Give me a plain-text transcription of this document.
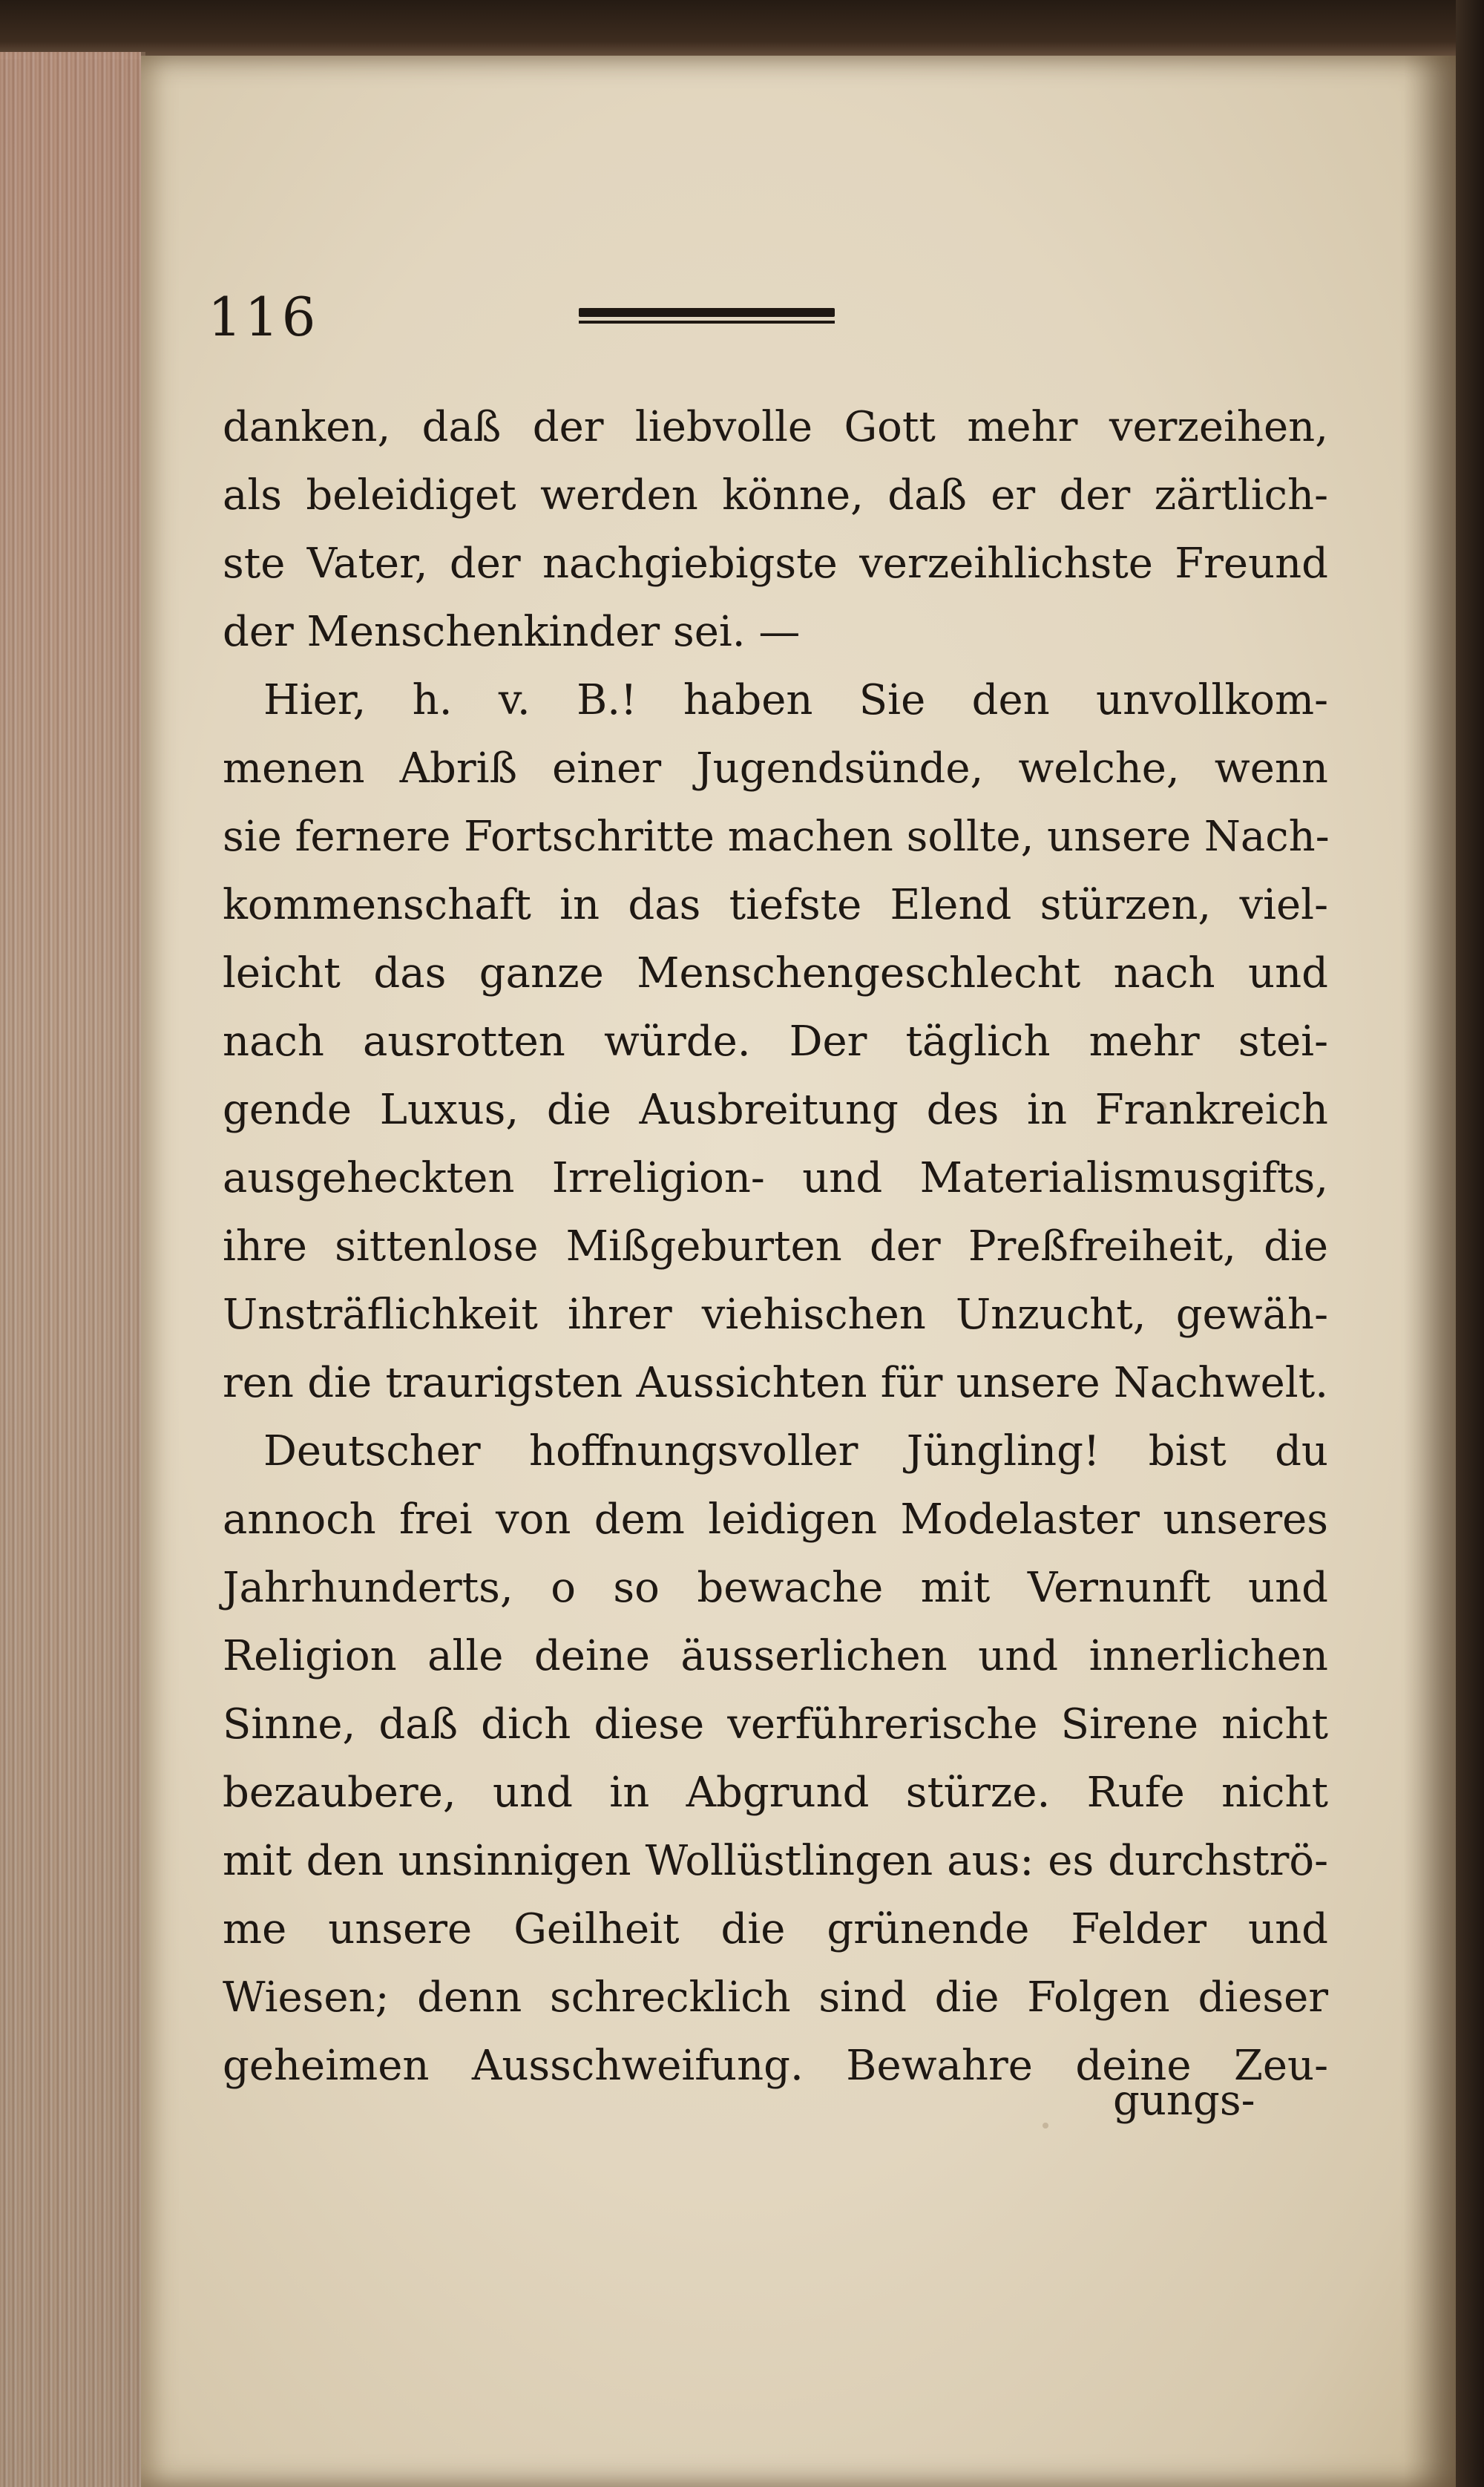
116
danken, daß der liebvolle Gott mehr verzeihen,
als beleidiget werden könne, daß er der zärtlich-
ste Vater, der nachgiebigste verzeihlichste Freund
der Menschenkinder sei. —
Hier, h. v. B.! haben Sie den unvollkom-
menen Abriß einer Jugendsünde, welche, wenn
sie fernere Fortschritte machen sollte, unsere Nach-
kommenschaft in das tiefste Elend stürzen, viel-
leicht das ganze Menschengeschlecht nach und
nach ausrotten würde. Der täglich mehr stei-
gende Luxus, die Ausbreitung des in Frankreich
ausgeheckten Irreligion- und Materialismusgifts,
ihre sittenlose Mißgeburten der Preßfreiheit, die
Unsträflichkeit ihrer viehischen Unzucht, gewäh-
ren die traurigsten Aussichten für unsere Nachwelt.
Deutscher hoffnungsvoller Jüngling! bist du
annoch frei von dem leidigen Modelaster unseres
Jahrhunderts, o so bewache mit Vernunft und
Religion alle deine äusserlichen und innerlichen
Sinne, daß dich diese verführerische Sirene nicht
bezaubere, und in Abgrund stürze. Rufe nicht
mit den unsinnigen Wollüstlingen aus: es durchströ-
me unsere Geilheit die grünende Felder und
Wiesen; denn schrecklich sind die Folgen dieser
geheimen Ausschweifung. Bewahre deine Zeu-
gungs-
